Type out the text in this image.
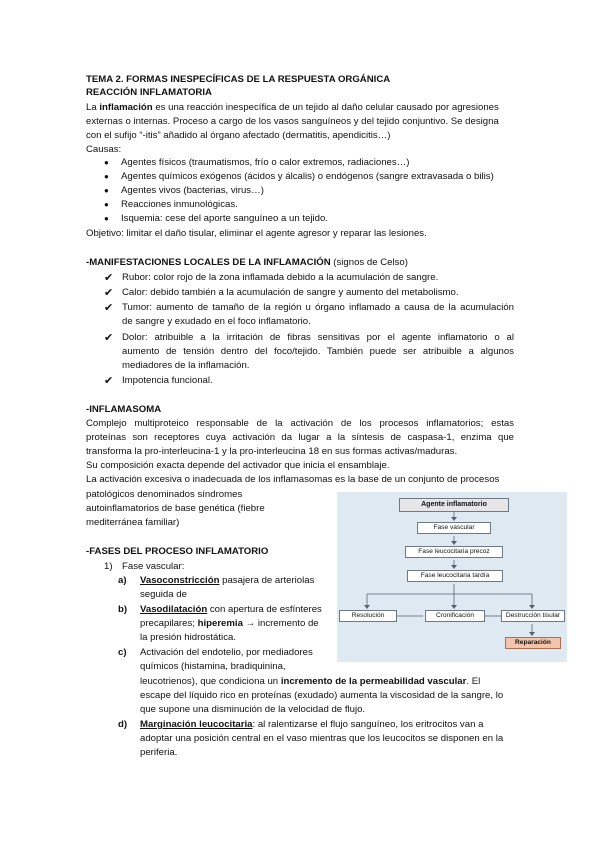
TEMA 2. FORMAS INESPECÍFICAS DE LA RESPUESTA ORGÁNICA
REACCIÓN INFLAMATORIA
La inflamación es una reacción inespecífica de un tejido al daño celular causado por agresiones
externas o internas. Proceso a cargo de los vasos sanguíneos y del tejido conjuntivo. Se designa
con el sufijo “-itis” añadido al órgano afectado (dermatitis, apendicitis…)
Causas:
● Agentes físicos (traumatismos, frío o calor extremos, radiaciones…)
● Agentes químicos exógenos (ácidos y álcalis) o endógenos (sangre extravasada o bilis)
● Agentes vivos (bacterias, virus…)
● Reacciones inmunológicas.
● Isquemia: cese del aporte sanguíneo a un tejido.
Objetivo: limitar el daño tisular, eliminar el agente agresor y reparar las lesiones.
-MANIFESTACIONES LOCALES DE LA INFLAMACIÓN (signos de Celso)
✔ Rubor: color rojo de la zona inflamada debido a la acumulación de sangre.
✔ Calor: debido también a la acumulación de sangre y aumento del metabolismo.
✔ Tumor: aumento de tamaño de la región u órgano inflamado a causa de la acumulación
de sangre y exudado en el foco inflamatorio.
✔ Dolor: atribuible a la irritación de fibras sensitivas por el agente inflamatorio o al
aumento de tensión dentro del foco/tejido. También puede ser atribuible a algunos
mediadores de la inflamación.
✔ Impotencia funcional.
-INFLAMASOMA
Complejo multiproteico responsable de la activación de los procesos inflamatorios; estas
proteínas son receptores cuya activación da lugar a la síntesis de caspasa-1, enzima que
transforma la pro-interleucina-1 y la pro-interleucina 18 en sus formas activas/maduras.
Su composición exacta depende del activador que inicia el ensamblaje.
La activación excesiva o inadecuada de los inflamasomas es la base de un conjunto de procesos
patológicos denominados síndromes
autoinflamatorios de base genética (fiebre
mediterránea familiar)
-FASES DEL PROCESO INFLAMATORIO
1) Fase vascular:
a) Vasoconstricción pasajera de arteriolas
seguida de
b) Vasodilatación con apertura de esfínteres
precapilares; hiperemia → incremento de
la presión hidrostática.
c) Activación del endotelio, por mediadores
químicos (histamina, bradiquinina,
leucotrienos), que condiciona un incremento de la permeabilidad vascular. El
escape del líquido rico en proteínas (exudado) aumenta la viscosidad de la sangre, lo
que supone una disminución de la velocidad de flujo.
d) Marginación leucocitaria: al ralentizarse el flujo sanguíneo, los eritrocitos van a
adoptar una posición central en el vaso mientras que los leucocitos se disponen en la
periferia.
Agente inflamatorio
Fase vascular
Fase leucocitaria precoz
Fase leucocitaria tardía
Resolución	Cronificación	Destrucción tisular
Reparación
